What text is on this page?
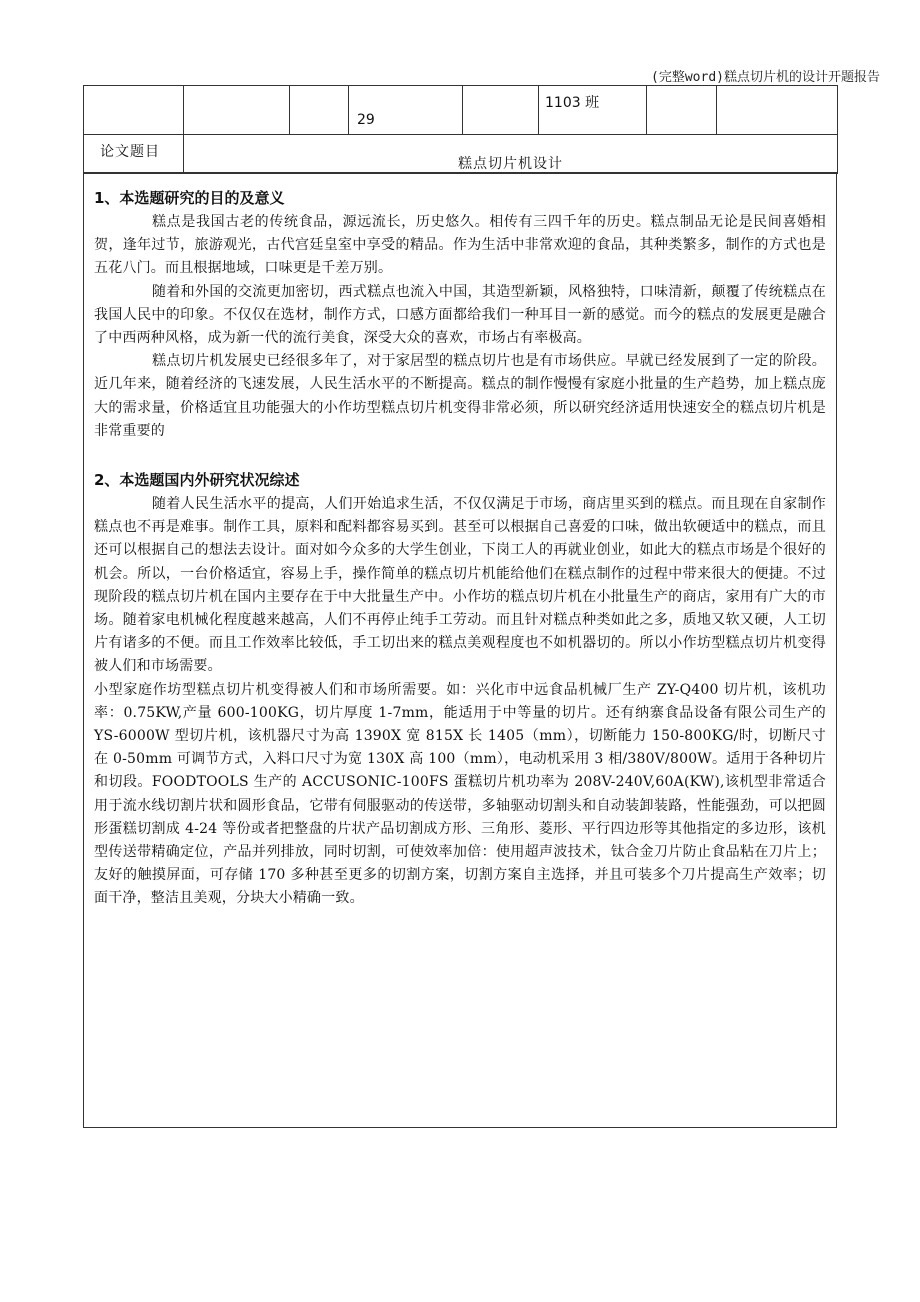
(完整word)糕点切片机的设计开题报告

			29		1103 班		

论文题目	糕点切片机设计						
1、本选题研究的目的及意义

糕点是我国古老的传统食品，源远流长，历史悠久。相传有三四千年的历史。糕点制品无论是民间喜婚相贺，逢年过节，旅游观光，古代宫廷皇室中享受的精品。作为生活中非常欢迎的食品，其种类繁多，制作的方式也是五花八门。而且根据地域，口味更是千差万别。

随着和外国的交流更加密切，西式糕点也流入中国，其造型新颖，风格独特，口味清新，颠覆了传统糕点在我国人民中的印象。不仅仅在选材，制作方式，口感方面都给我们一种耳目一新的感觉。而今的糕点的发展更是融合了中西两种风格，成为新一代的流行美食，深受大众的喜欢，市场占有率极高。

糕点切片机发展史已经很多年了，对于家居型的糕点切片也是有市场供应。早就已经发展到了一定的阶段。近几年来，随着经济的飞速发展，人民生活水平的不断提高。糕点的制作慢慢有家庭小批量的生产趋势，加上糕点庞大的需求量，价格适宜且功能强大的小作坊型糕点切片机变得非常必须，所以研究经济适用快速安全的糕点切片机是非常重要的

2、本选题国内外研究状况综述

随着人民生活水平的提高，人们开始追求生活，不仅仅满足于市场，商店里买到的糕点。而且现在自家制作糕点也不再是难事。制作工具，原料和配料都容易买到。甚至可以根据自己喜爱的口味，做出软硬适中的糕点，而且还可以根据自己的想法去设计。面对如今众多的大学生创业，下岗工人的再就业创业，如此大的糕点市场是个很好的机会。所以，一台价格适宜，容易上手，操作简单的糕点切片机能给他们在糕点制作的过程中带来很大的便捷。不过现阶段的糕点切片机在国内主要存在于中大批量生产中。小作坊的糕点切片机在小批量生产的商店，家用有广大的市场。随着家电机械化程度越来越高，人们不再停止纯手工劳动。而且针对糕点种类如此之多，质地又软又硬，人工切片有诸多的不便。而且工作效率比较低，手工切出来的糕点美观程度也不如机器切的。所以小作坊型糕点切片机变得被人们和市场需要。

小型家庭作坊型糕点切片机变得被人们和市场所需要。如：兴化市中远食品机械厂生产 ZY-Q400 切片机，该机功率：0.75KW,产量 600-100KG，切片厚度 1-7mm，能适用于中等量的切片。还有纳寨食品设备有限公司生产的 YS-6000W 型切片机，该机器尺寸为高 1390X 宽 815X 长 1405（mm），切断能力 150-800KG/时，切断尺寸在 0-50mm 可调节方式，入料口尺寸为宽 130X 高 100（mm），电动机采用 3 相/380V/800W。适用于各种切片和切段。FOODTOOLS 生产的 ACCUSONIC-100FS 蛋糕切片机功率为 208V-240V,60A(KW),该机型非常适合用于流水线切割片状和圆形食品，它带有伺服驱动的传送带，多轴驱动切割头和自动装卸装路，性能强劲，可以把圆形蛋糕切割成 4-24 等份或者把整盘的片状产品切割成方形、三角形、菱形、平行四边形等其他指定的多边形，该机型传送带精确定位，产品并列排放，同时切割，可使效率加倍：使用超声波技术，钛合金刀片防止食品粘在刀片上；友好的触摸屏面，可存储 170 多种甚至更多的切割方案，切割方案自主选择，并且可装多个刀片提高生产效率；切面干净，整洁且美观，分块大小精确一致。
